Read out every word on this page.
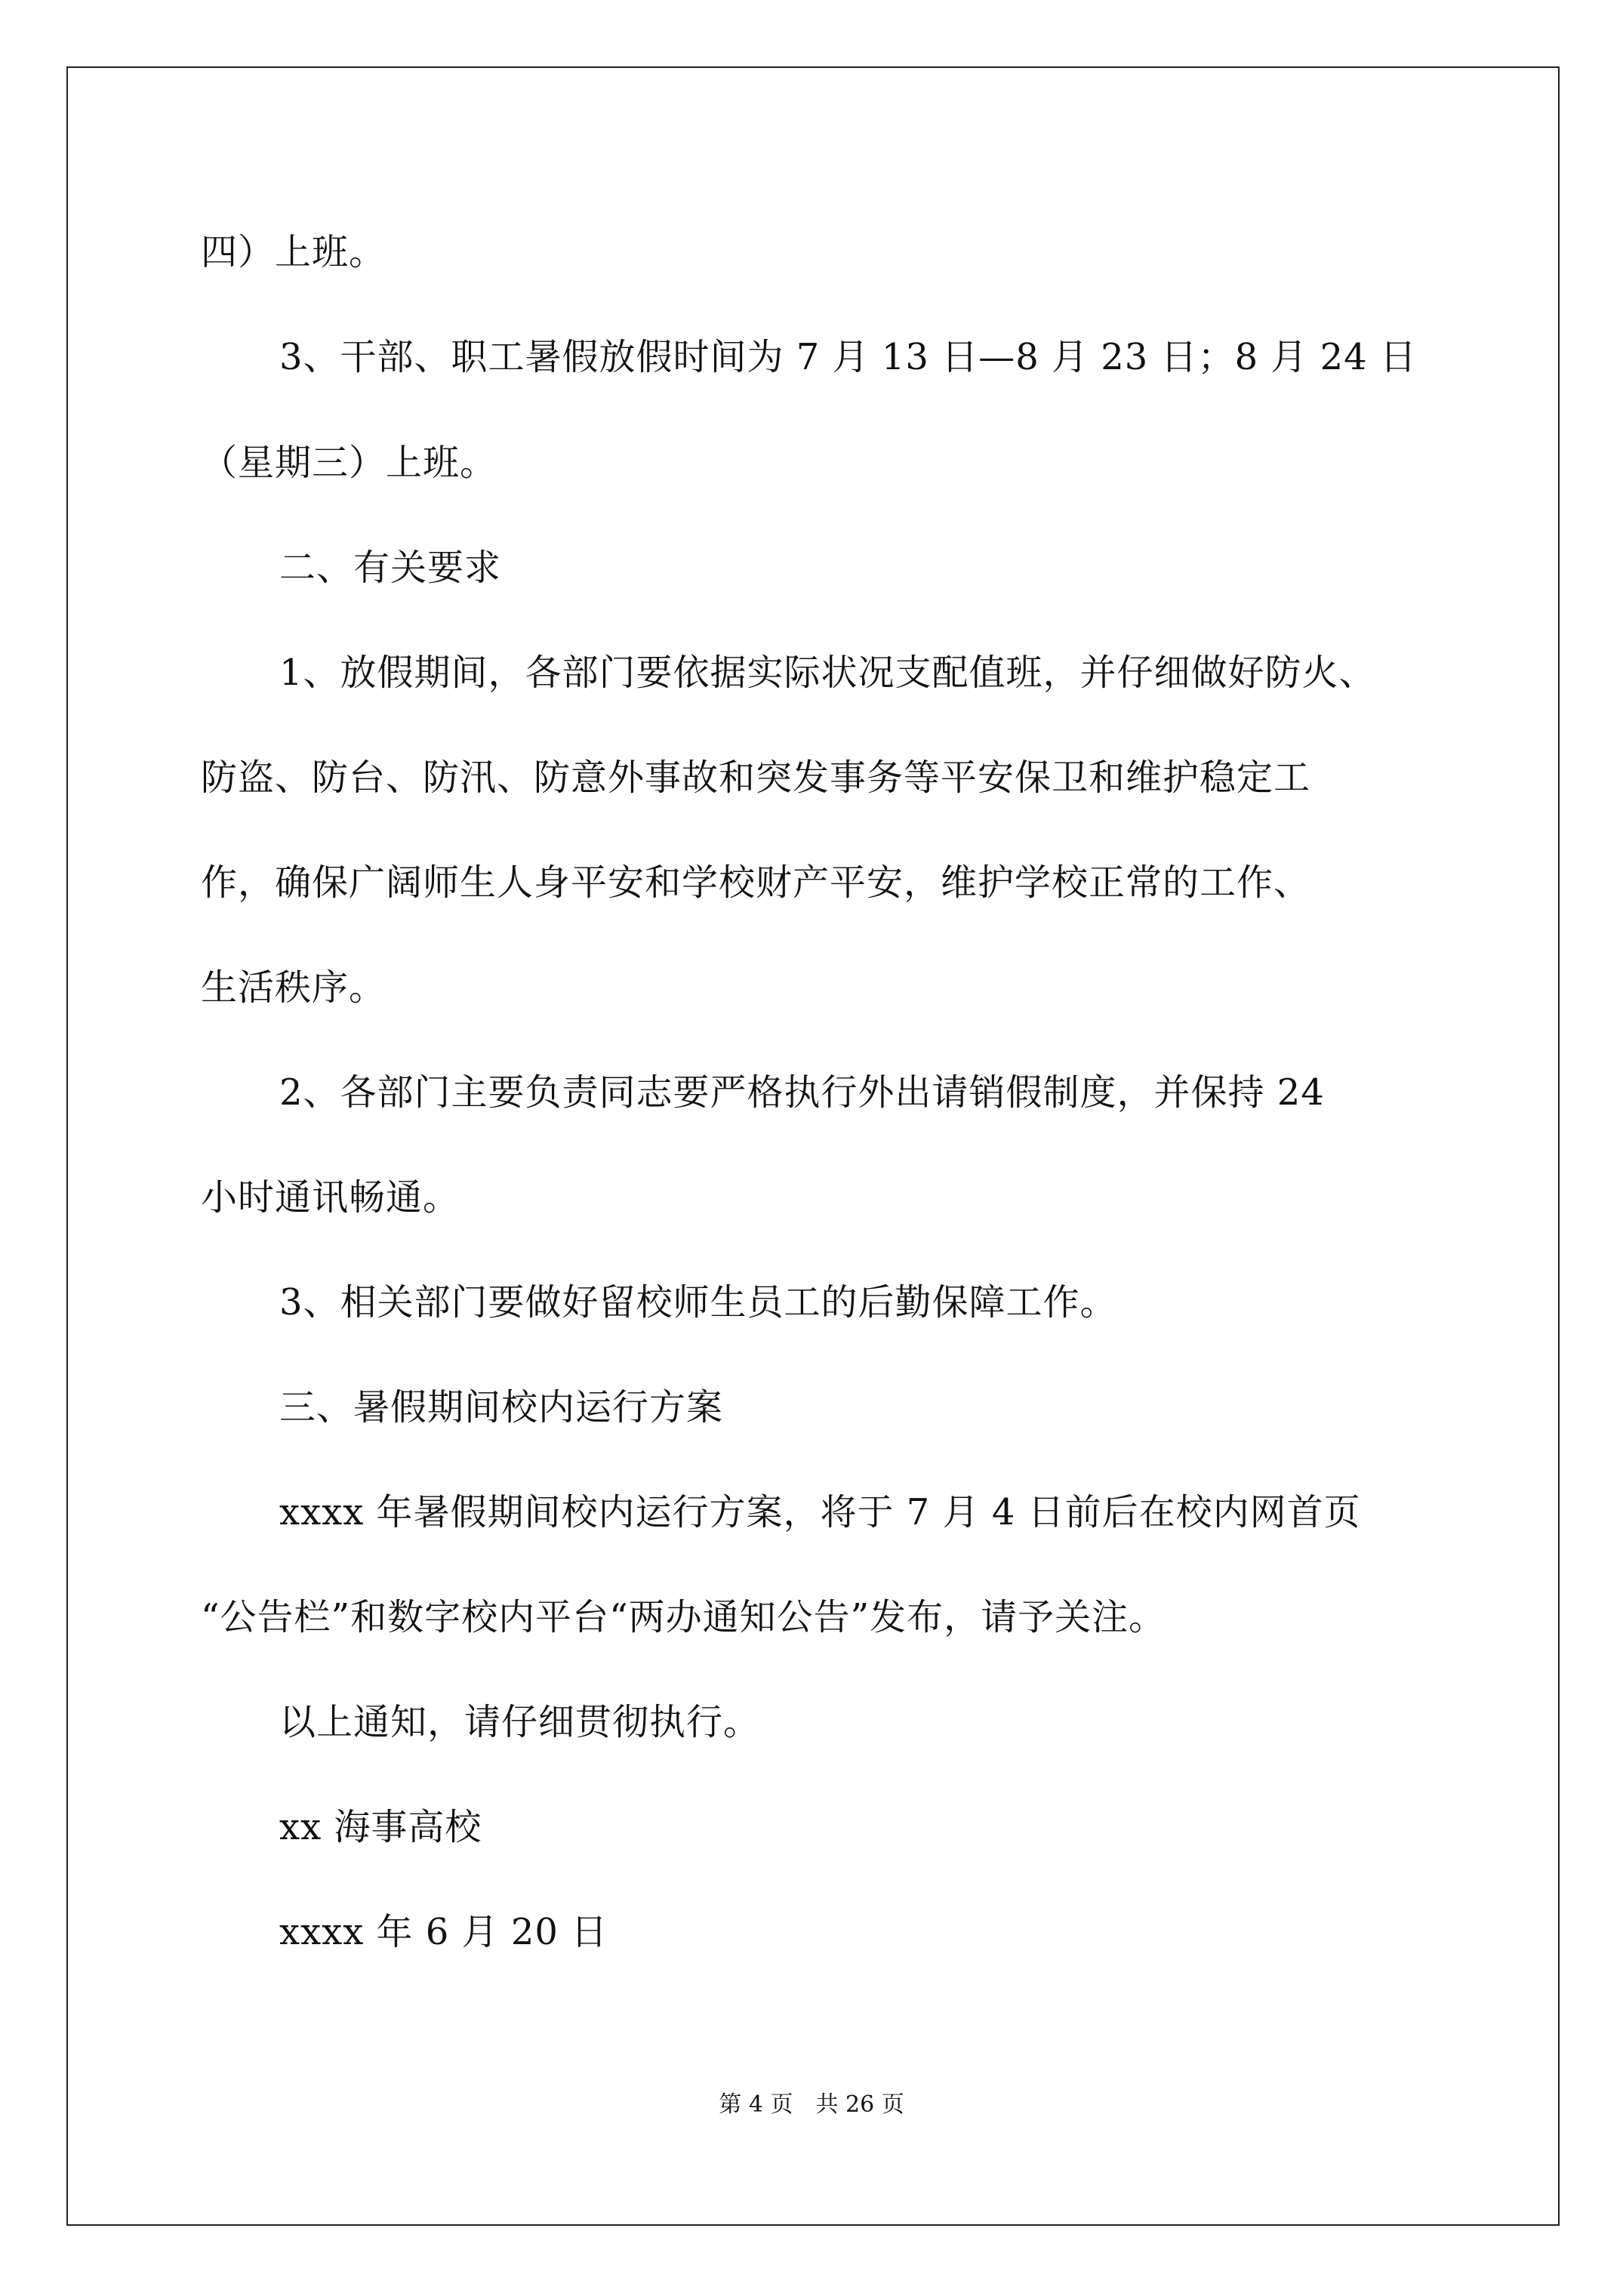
四）上班。
3、干部、职工暑假放假时间为 7 月 13 日—8 月 23 日；8 月 24 日
（星期三）上班。
二、有关要求
1、放假期间，各部门要依据实际状况支配值班，并仔细做好防火、
防盗、防台、防汛、防意外事故和突发事务等平安保卫和维护稳定工
作，确保广阔师生人身平安和学校财产平安，维护学校正常的工作、
生活秩序。
2、各部门主要负责同志要严格执行外出请销假制度，并保持 24
小时通讯畅通。
3、相关部门要做好留校师生员工的后勤保障工作。
三、暑假期间校内运行方案
xxxx 年暑假期间校内运行方案，将于 7 月 4 日前后在校内网首页
“公告栏”和数字校内平台“两办通知公告”发布，请予关注。
以上通知，请仔细贯彻执行。
xx 海事高校
xxxx 年 6 月 20 日
第 4 页　共 26 页
